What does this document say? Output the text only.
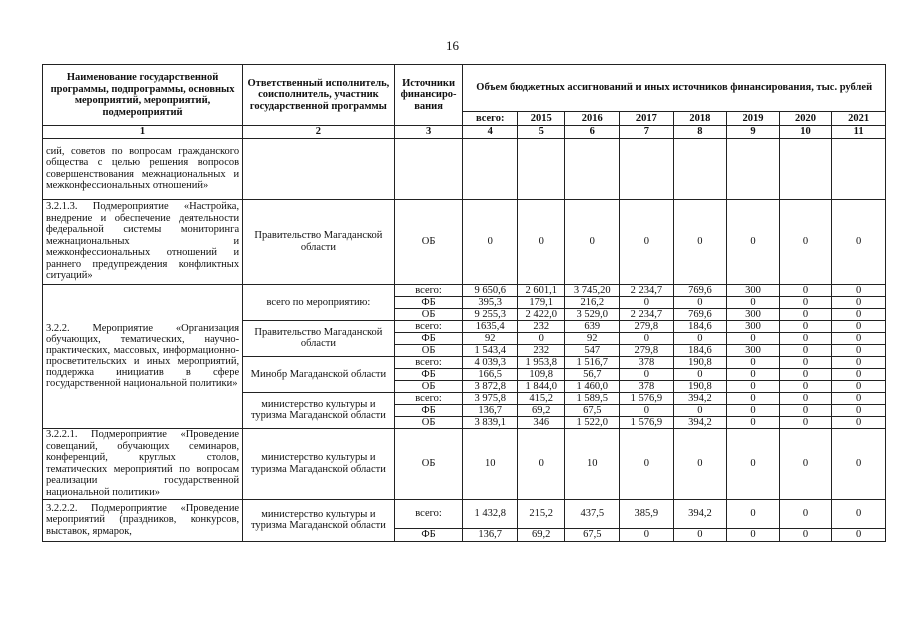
16
Наименование государственной программы, подпрограммы, основных мероприятий, мероприятий, подмероприятий	Ответственный исполнитель, соисполнитель, участник государственной программы	Источники финансиро-вания	Объем бюджетных ассигнований и иных источников финансирования, тыс. рублей							
			всего:	2015	2016	2017	2018	2019	2020	2021
1	2	3	4	5	6	7	8	9	10	11
сий, советов по вопросам гражданского общества с целью решения вопросов совершенствования межнациональных и межконфессиональных отношений»										
3.2.1.3. Подмероприятие «Настройка, внедрение и обеспечение деятельности федеральной системы мониторинга межнациональных и межконфессиональных отношений и раннего предупреждения конфликтных ситуаций»	Правительство Магаданской области	ОБ	0	0	0	0	0	0	0	0
3.2.2. Мероприятие «Организация обучающих, тематических, научно-практических, массовых, информационно-просветительских и иных мероприятий, поддержка инициатив в сфере государственной национальной политики»	всего по мероприятию:	всего:	9 650,6	2 601,1	3 745,20	2 234,7	769,6	300	0	0
		ФБ	395,3	179,1	216,2	0	0	0	0	0
		ОБ	9 255,3	2 422,0	3 529,0	2 234,7	769,6	300	0	0
	Правительство Магаданской области	всего:	1635,4	232	639	279,8	184,6	300	0	0
		ФБ	92	0	92	0	0	0	0	0
		ОБ	1 543,4	232	547	279,8	184,6	300	0	0
	Минобр Магаданской области	всего:	4 039,3	1 953,8	1 516,7	378	190,8	0	0	0
		ФБ	166,5	109,8	56,7	0	0	0	0	0
		ОБ	3 872,8	1 844,0	1 460,0	378	190,8	0	0	0
	министерство культуры и туризма Магаданской области	всего:	3 975,8	415,2	1 589,5	1 576,9	394,2	0	0	0
		ФБ	136,7	69,2	67,5	0	0	0	0	0
		ОБ	3 839,1	346	1 522,0	1 576,9	394,2	0	0	0
3.2.2.1. Подмероприятие «Проведение совещаний, обучающих семинаров, конференций, круглых столов, тематических мероприятий по вопросам реализации государственной национальной политики»	министерство культуры и туризма Магаданской области	ОБ	10	0	10	0	0	0	0	0
3.2.2.2. Подмероприятие «Проведение мероприятий (праздников, конкурсов, выставок, ярмарок,	министерство культуры и туризма Магаданской области	всего:	1 432,8	215,2	437,5	385,9	394,2	0	0	0
		ФБ	136,7	69,2	67,5	0	0	0	0	0
